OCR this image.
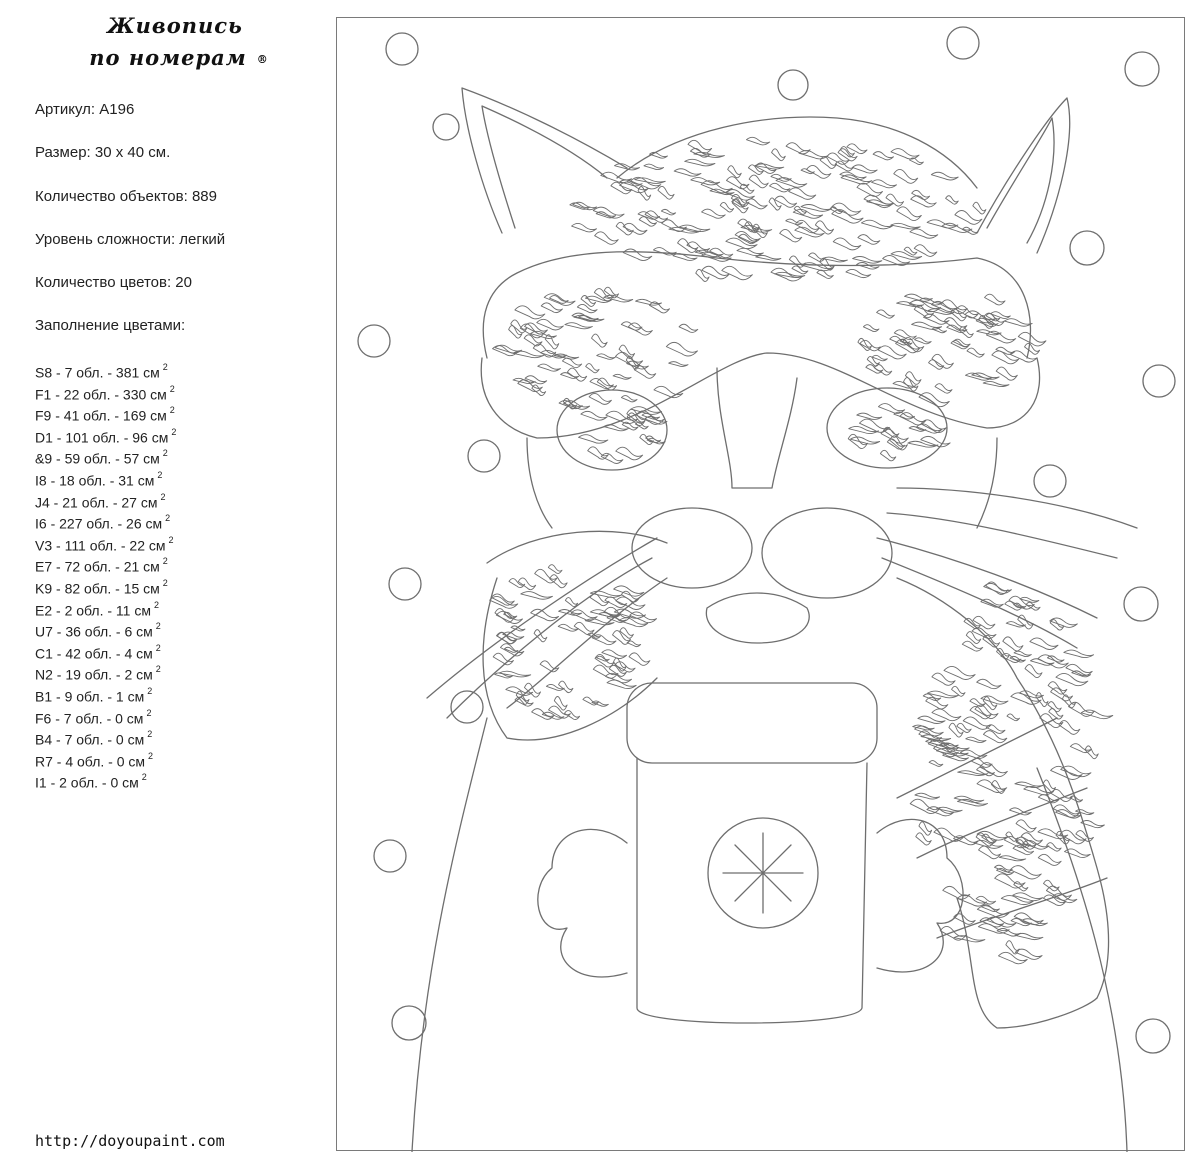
Живопись
по номерам ®
Артикул: A196
Размер: 30 х 40 см.
Количество объектов: 889
Уровень сложности: легкий
Количество цветов: 20
Заполнение цветами:
S8 - 7 обл. - 381 см $^2$
F1 - 22 обл. - 330 см $^2$
F9 - 41 обл. - 169 см $^2$
D1 - 101 обл. - 96 см $^2$
&9 - 59 обл. - 57 см $^2$
I8 - 18 обл. - 31 см $^2$
J4 - 21 обл. - 27 см $^2$
I6 - 227 обл. - 26 см $^2$
V3 - 111 обл. - 22 см $^2$
E7 - 72 обл. - 21 см $^2$
K9 - 82 обл. - 15 см $^2$
E2 - 2 обл. - 11 см $^2$
U7 - 36 обл. - 6 см $^2$
C1 - 42 обл. - 4 см $^2$
N2 - 19 обл. - 2 см $^2$
B1 - 9 обл. - 1 см $^2$
F6 - 7 обл. - 0 см $^2$
B4 - 7 обл. - 0 см $^2$
R7 - 4 обл. - 0 см $^2$
I1 - 2 обл. - 0 см $^2$
http://doyoupaint.com
